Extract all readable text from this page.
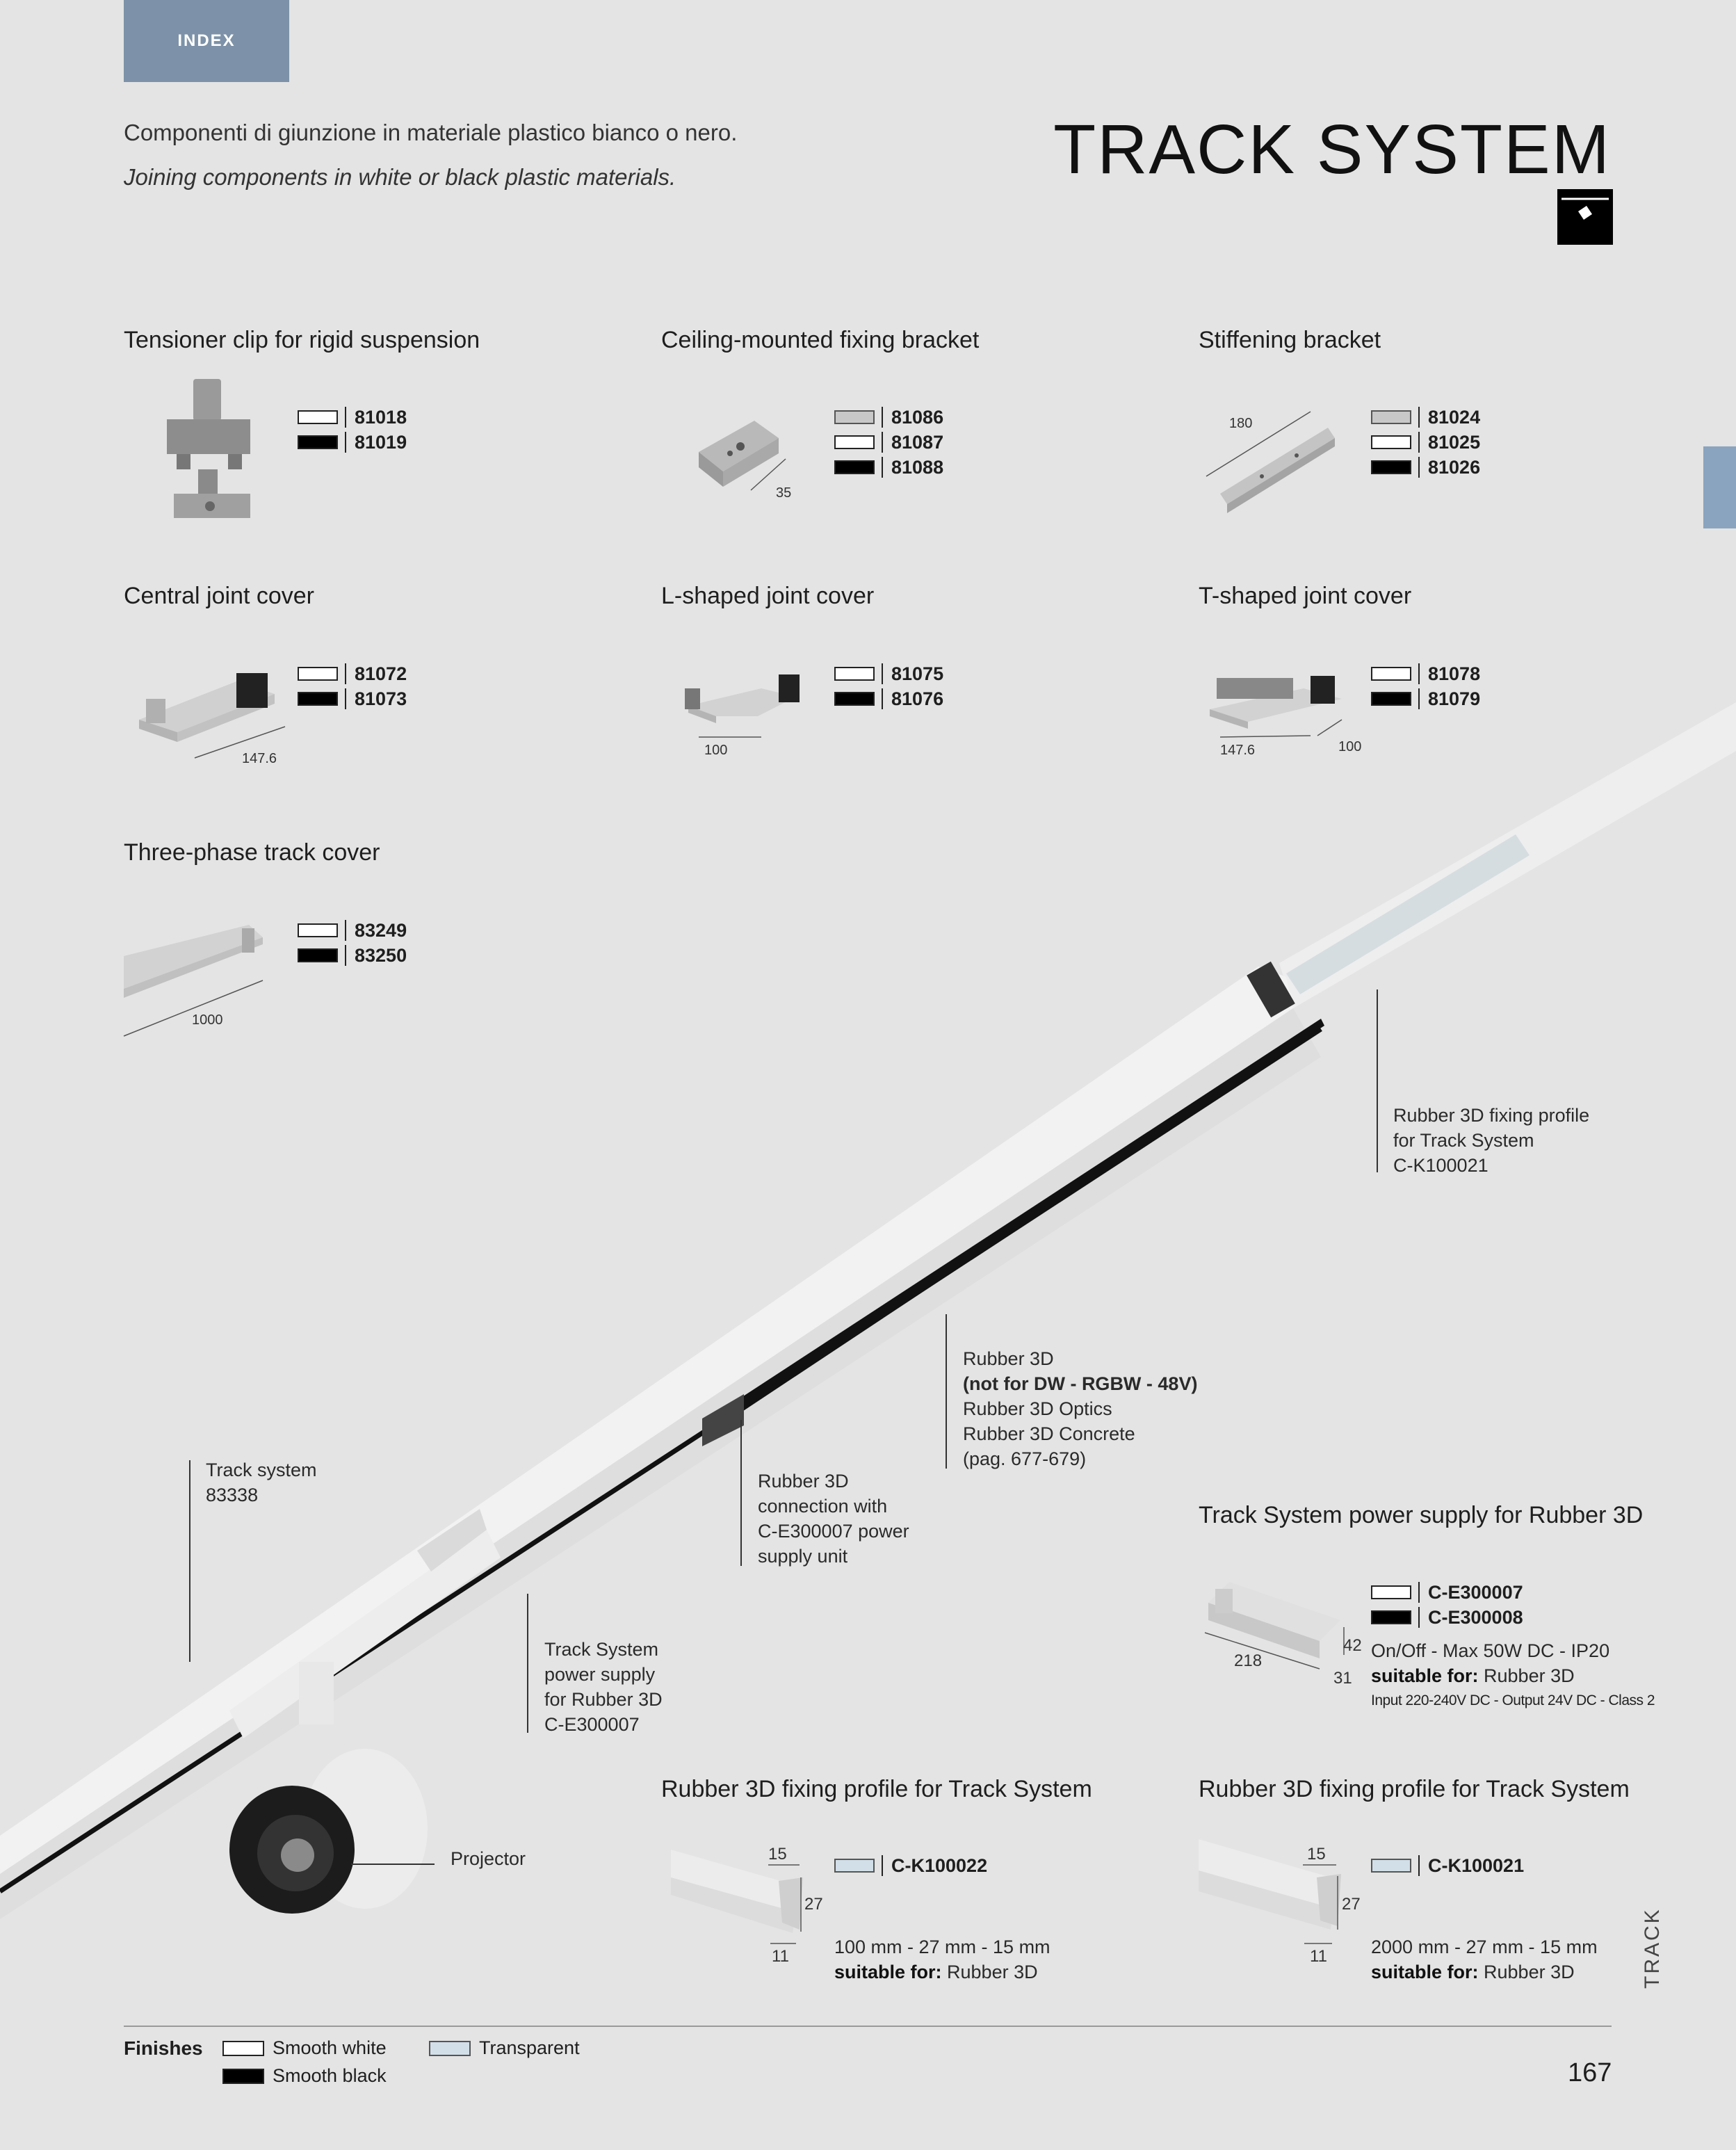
INDEX
Componenti di giunzione in materiale plastico bianco o nero.
Joining components in white or black plastic materials.	TRACK SYSTEM
Tensioner clip for rigid suspension
81018
81019
Ceiling-mounted fixing bracket
35
81086
81087
81088
Stiffening bracket
180	81024
81025
81026
Central joint cover
147.6
81072
81073
L-shaped joint cover
100
81075
81076
T-shaped joint cover
147.6	100
81078
81079
Three-phase track cover
1000
83249
83250
Rubber 3D fixing profile
for Track System
C-K100021
Rubber 3D
(not for DW - RGBW - 48V)
Rubber 3D Optics
Rubber 3D Concrete
(pag. 677-679)
Rubber 3D
connection with
C-E300007 power
supply unit
Track system
83338
Track System
power supply
for Rubber 3D
C-E300007
Projector
Track System power supply for Rubber 3D
218
42
31
C-E300007
C-E300008
On/Off - Max 50W DC - IP20
suitable for: Rubber 3D
Input 220-240V DC - Output 24V DC - Class 2
Rubber 3D fixing profile for Track System
15
27
11
C-K100022
100 mm - 27 mm - 15 mm
suitable for: Rubber 3D
Rubber 3D fixing profile for Track System
15
27
11
C-K100021
2000 mm - 27 mm - 15 mm
suitable for: Rubber 3D	TRACK
Finishes	Smooth white
Smooth black
Transparent
167
